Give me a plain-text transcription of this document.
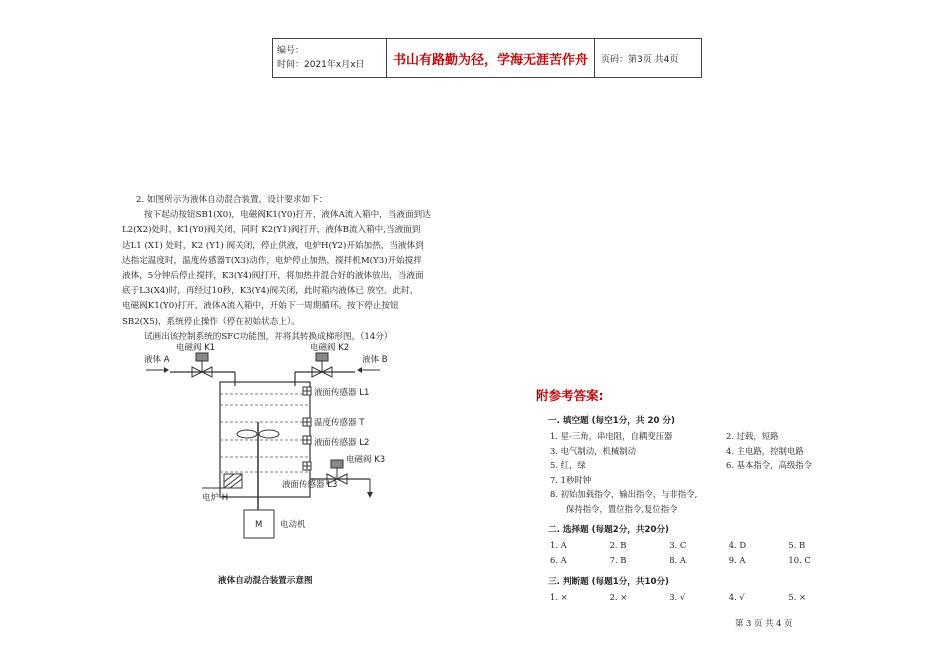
编号：
时间：2021年x月x日	书山有路勤为径，学海无涯苦作舟	页码：第3页 共4页

2. 如图所示为液体自动混合装置，设计要求如下：

按下起动按钮SB1(X0)，电磁阀K1(Y0)打开，液体A流入箱中，当液面到达

L2(X2)处时，K1(Y0)阀关闭，同时 K2(Y1)阀打开，液体B流入箱中,当液面到

达L1 (X1) 处时，K2 (Y1) 阀关闭，停止供液，电炉H(Y2)开始加热，当液体到

达指定温度时，温度传感器T(X3)动作，电炉停止加热，搅拌机M(Y3)开始搅拌

液体，5分钟后停止搅拌，K3(Y4)阀打开，将加热并混合好的液体放出，当液面

底于L3(X4)时，再经过10秒，K3(Y4)阀关闭，此时箱内液体已 放空。此时，

电磁阀K1(Y0)打开，液体A流入箱中，开始下一周期循环。按下停止按钮

SB2(X5)，系统停止操作（停在初始状态上）。

试画出该控制系统的SFC功能图，并将其转换成梯形图。（14分）

电磁阀 K1
液体 A
电磁阀 K2
液体 B
液面传感器 L1
温度传感器 T
液面传感器 L2
液面传感器 L3
电炉 H
电磁阀 K3
M 电动机
液体自动混合装置示意图
附参考答案:
一. 填空题 (每空1分，共 20 分)
1. 星-三角，串电阻，自耦变压器	2. 过载，短路
3. 电气制动，机械制动	4. 主电路，控制电路
5. 红，绿	6. 基本指令，高级指令
7. 1秒时钟
8. 初始加载指令，输出指令，与非指令,
保持指令，置位指令,复位指令
二. 选择题 (每题2分，共20分)
1. A	2. B	3. C	4. D	5. B
6. A	7. B	8. A	9. A	10. C
三. 判断题 (每题1分，共10分)
1. ×	2. ×	3. √	4. √	5. ×
第 3 页 共 4 页
